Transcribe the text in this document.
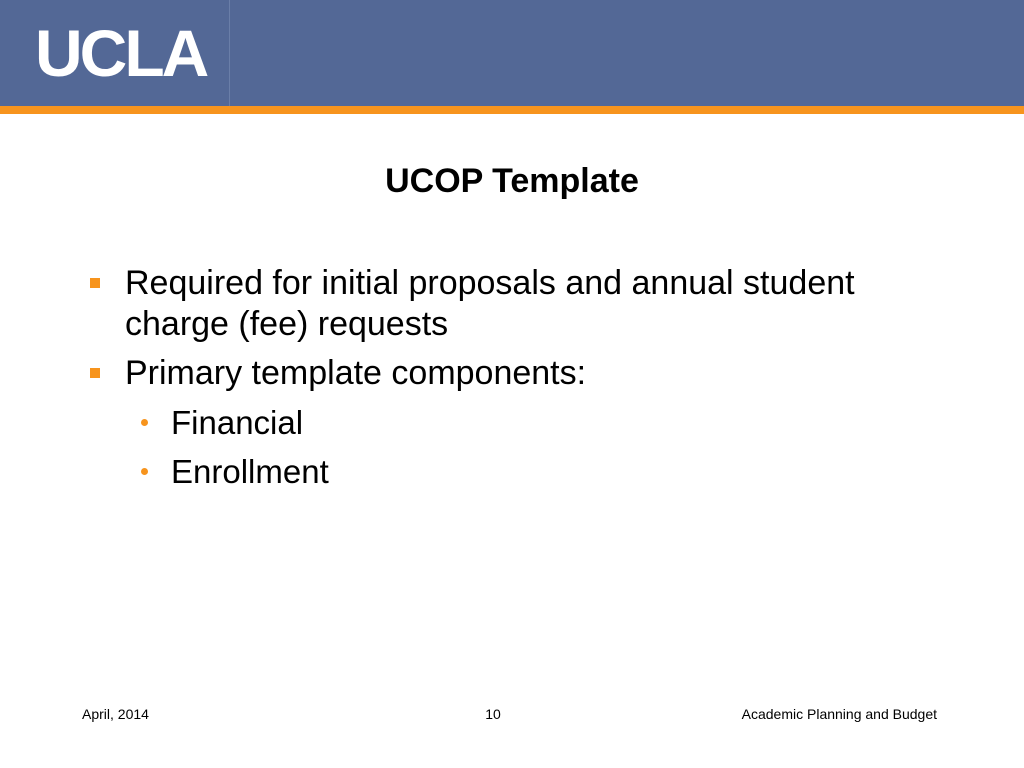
UCLA
UCOP Template
Required for initial proposals and annual student charge (fee) requests
Primary template components:
Financial
Enrollment
April, 2014	10	Academic Planning and Budget
